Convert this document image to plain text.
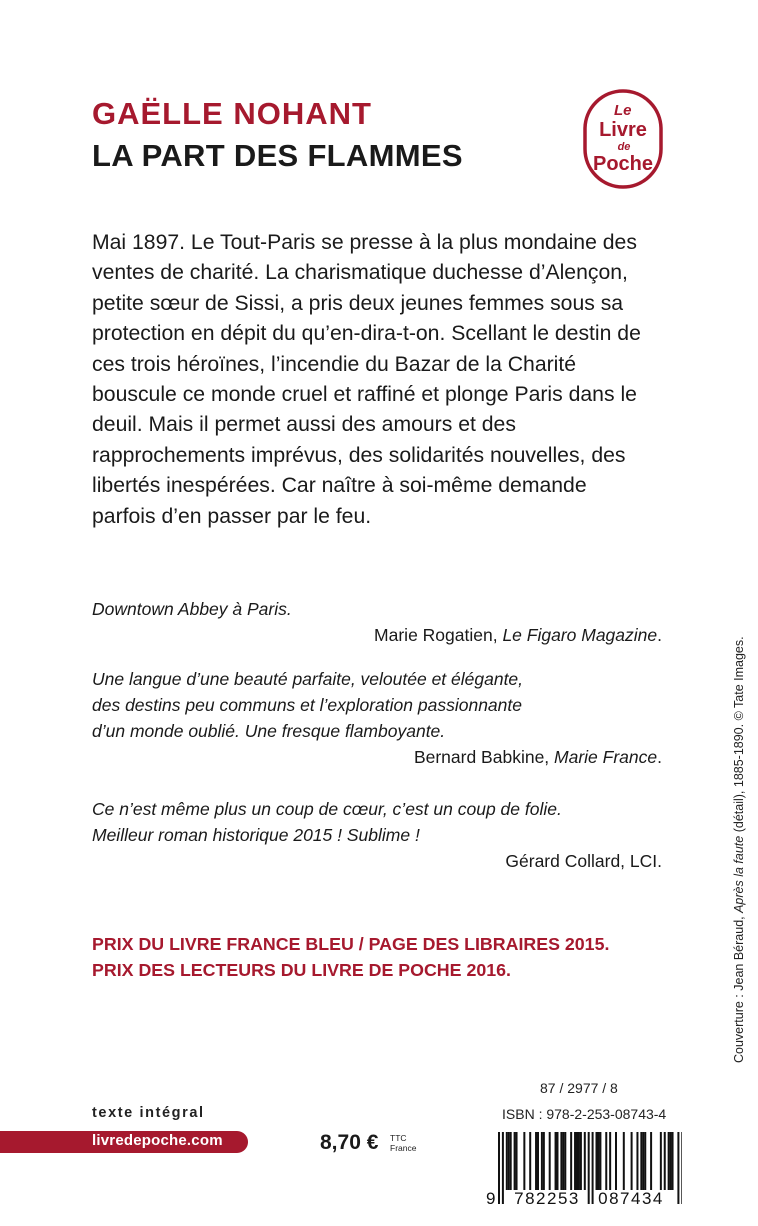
GAËLLE NOHANT
LA PART DES FLAMMES
Le
Livre
de
Poche

Mai 1897. Le Tout-Paris se presse à la plus mondaine des ventes de charité. La charismatique duchesse d’Alençon, petite sœur de Sissi, a pris deux jeunes femmes sous sa protection en dépit du qu’en-dira-t-on. Scellant le destin de ces trois héroïnes, l’incendie du Bazar de la Charité bouscule ce monde cruel et raffiné et plonge Paris dans le deuil. Mais il permet aussi des amours et des rapprochements imprévus, des solidarités nouvelles, des libertés inespérées. Car naître à soi-même demande parfois d’en passer par le feu.

Downtown Abbey à Paris.
Marie Rogatien, Le Figaro Magazine.
Une langue d’une beauté parfaite, veloutée et élégante,
des destins peu communs et l’exploration passionnante
d’un monde oublié. Une fresque flamboyante.
Bernard Babkine, Marie France.
Ce n’est même plus un coup de cœur, c’est un coup de folie.
Meilleur roman historique 2015 ! Sublime !
Gérard Collard, LCI.
PRIX DU LIVRE FRANCE BLEU / PAGE DES LIBRAIRES 2015.
PRIX DES LECTEURS DU LIVRE DE POCHE 2016.	Couverture : Jean Béraud, Après la faute (détail), 1885-1890. © Tate Images.
texte intégral
livredepoche.com	8,70 € TTC
France
87 / 2977 / 8
ISBN : 978-2-253-08743-4
9 782253 087434
